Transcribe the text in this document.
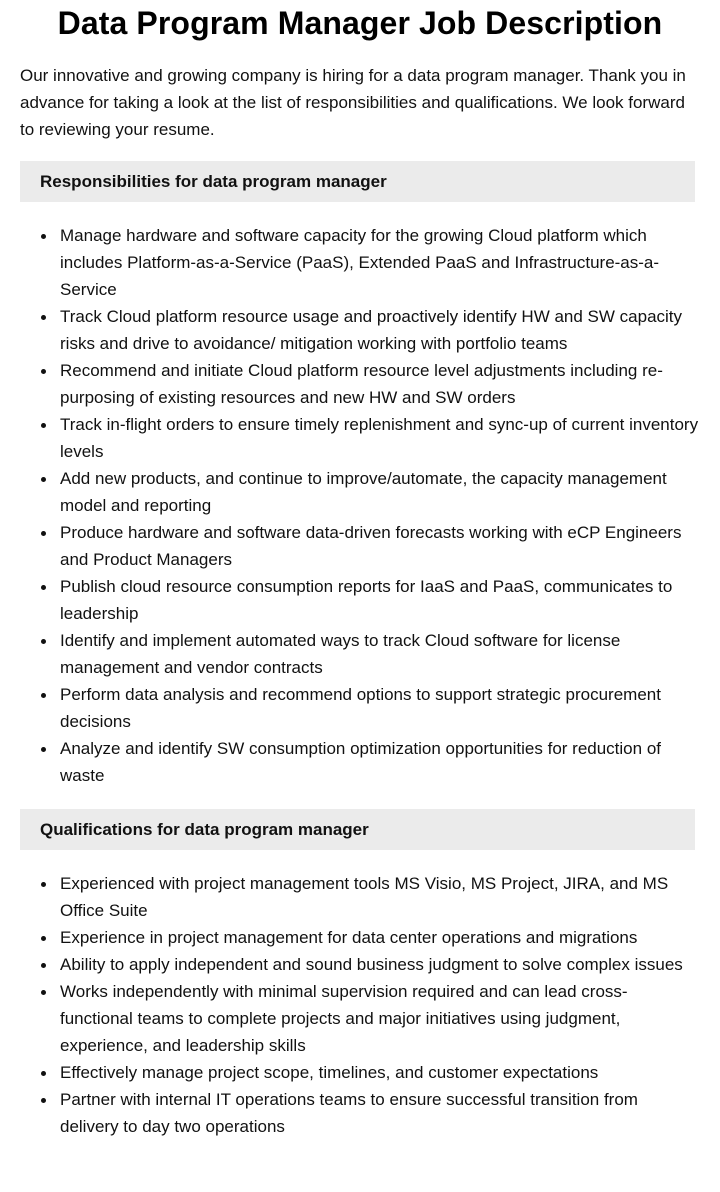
Data Program Manager Job Description

Our innovative and growing company is hiring for a data program manager. Thank you in advance for taking a look at the list of responsibilities and qualifications. We look forward to reviewing your resume.

Responsibilities for data program manager
Manage hardware and software capacity for the growing Cloud platform which includes Platform-as-a-Service (PaaS), Extended PaaS and Infrastructure-as-a-Service
Track Cloud platform resource usage and proactively identify HW and SW capacity risks and drive to avoidance/ mitigation working with portfolio teams
Recommend and initiate Cloud platform resource level adjustments including re-purposing of existing resources and new HW and SW orders
Track in-flight orders to ensure timely replenishment and sync-up of current inventory levels
Add new products, and continue to improve/automate, the capacity management model and reporting
Produce hardware and software data-driven forecasts working with eCP Engineers and Product Managers
Publish cloud resource consumption reports for IaaS and PaaS, communicates to leadership
Identify and implement automated ways to track Cloud software for license management and vendor contracts
Perform data analysis and recommend options to support strategic procurement decisions
Analyze and identify SW consumption optimization opportunities for reduction of waste
Qualifications for data program manager
Experienced with project management tools MS Visio, MS Project, JIRA, and MS Office Suite
Experience in project management for data center operations and migrations
Ability to apply independent and sound business judgment to solve complex issues
Works independently with minimal supervision required and can lead cross-functional teams to complete projects and major initiatives using judgment, experience, and leadership skills
Effectively manage project scope, timelines, and customer expectations
Partner with internal IT operations teams to ensure successful transition from delivery to day two operations
